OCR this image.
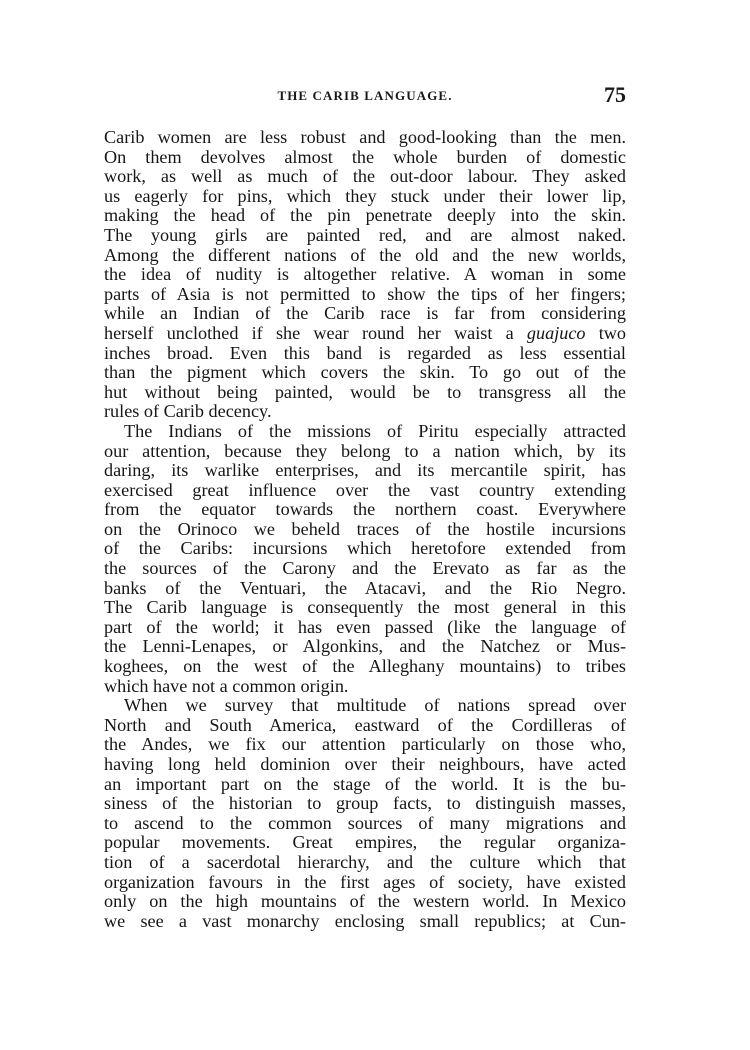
THE CARIB LANGUAGE.	75
Carib women are less robust and good-looking than the men.
On them devolves almost the whole burden of domestic
work, as well as much of the out-door labour. They asked
us eagerly for pins, which they stuck under their lower lip,
making the head of the pin penetrate deeply into the skin.
The young girls are painted red, and are almost naked.
Among the different nations of the old and the new worlds,
the idea of nudity is altogether relative. A woman in some
parts of Asia is not permitted to show the tips of her fingers;
while an Indian of the Carib race is far from considering
herself unclothed if she wear round her waist a guajuco two
inches broad. Even this band is regarded as less essential
than the pigment which covers the skin. To go out of the
hut without being painted, would be to transgress all the
rules of Carib decency.
The Indians of the missions of Piritu especially attracted
our attention, because they belong to a nation which, by its
daring, its warlike enterprises, and its mercantile spirit, has
exercised great influence over the vast country extending
from the equator towards the northern coast. Everywhere
on the Orinoco we beheld traces of the hostile incursions
of the Caribs: incursions which heretofore extended from
the sources of the Carony and the Erevato as far as the
banks of the Ventuari, the Atacavi, and the Rio Negro.
The Carib language is consequently the most general in this
part of the world; it has even passed (like the language of
the Lenni-Lenapes, or Algonkins, and the Natchez or Mus-
koghees, on the west of the Alleghany mountains) to tribes
which have not a common origin.
When we survey that multitude of nations spread over
North and South America, eastward of the Cordilleras of
the Andes, we fix our attention particularly on those who,
having long held dominion over their neighbours, have acted
an important part on the stage of the world. It is the bu-
siness of the historian to group facts, to distinguish masses,
to ascend to the common sources of many migrations and
popular movements. Great empires, the regular organiza-
tion of a sacerdotal hierarchy, and the culture which that
organization favours in the first ages of society, have existed
only on the high mountains of the western world. In Mexico
we see a vast monarchy enclosing small republics; at Cun-
